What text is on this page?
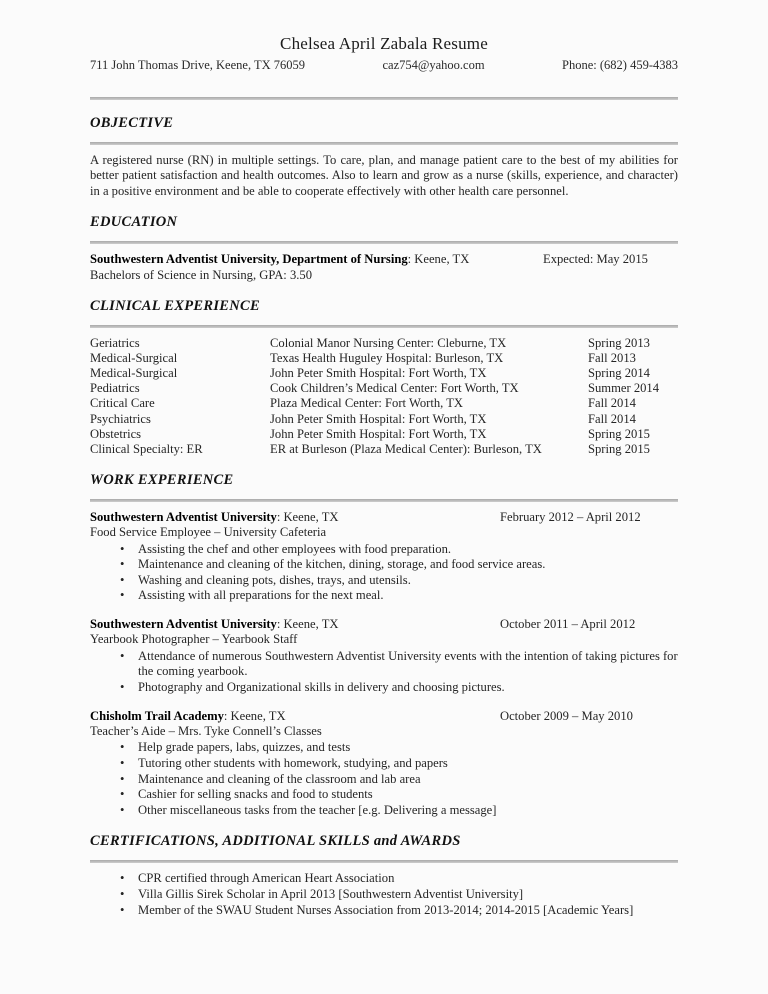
Chelsea April Zabala Resume
711 John Thomas Drive, Keene, TX 76059	caz754@yahoo.com	Phone: (682) 459-4383
OBJECTIVE

A registered nurse (RN) in multiple settings. To care, plan, and manage patient care to the best of my abilities for better patient satisfaction and health outcomes. Also to learn and grow as a nurse (skills, experience, and character) in a positive environment and be able to cooperate effectively with other health care personnel.

EDUCATION
Southwestern Adventist University, Department of Nursing: Keene, TX	Expected: May 2015
Bachelors of Science in Nursing, GPA: 3.50
CLINICAL EXPERIENCE
Geriatrics	Colonial Manor Nursing Center: Cleburne, TX	Spring 2013
Medical-Surgical	Texas Health Huguley Hospital: Burleson, TX	Fall 2013
Medical-Surgical	John Peter Smith Hospital: Fort Worth, TX	Spring 2014
Pediatrics	Cook Children’s Medical Center: Fort Worth, TX	Summer 2014
Critical Care	Plaza Medical Center: Fort Worth, TX	Fall 2014
Psychiatrics	John Peter Smith Hospital: Fort Worth, TX	Fall 2014
Obstetrics	John Peter Smith Hospital: Fort Worth, TX	Spring 2015
Clinical Specialty: ER	ER at Burleson (Plaza Medical Center): Burleson, TX	Spring 2015
WORK EXPERIENCE
Southwestern Adventist University: Keene, TX	February 2012 – April 2012
Food Service Employee – University Cafeteria
• Assisting the chef and other employees with food preparation.
• Maintenance and cleaning of the kitchen, dining, storage, and food service areas.
• Washing and cleaning pots, dishes, trays, and utensils.
• Assisting with all preparations for the next meal.
Southwestern Adventist University: Keene, TX	October 2011 – April 2012
Yearbook Photographer – Yearbook Staff
• Attendance of numerous Southwestern Adventist University events with the intention of taking pictures for the coming yearbook.
• Photography and Organizational skills in delivery and choosing pictures.
Chisholm Trail Academy: Keene, TX	October 2009 – May 2010
Teacher’s Aide – Mrs. Tyke Connell’s Classes
• Help grade papers, labs, quizzes, and tests
• Tutoring other students with homework, studying, and papers
• Maintenance and cleaning of the classroom and lab area
• Cashier for selling snacks and food to students
• Other miscellaneous tasks from the teacher [e.g. Delivering a message]
CERTIFICATIONS, ADDITIONAL SKILLS and AWARDS
• CPR certified through American Heart Association
• Villa Gillis Sirek Scholar in April 2013 [Southwestern Adventist University]
• Member of the SWAU Student Nurses Association from 2013-2014; 2014-2015 [Academic Years]
